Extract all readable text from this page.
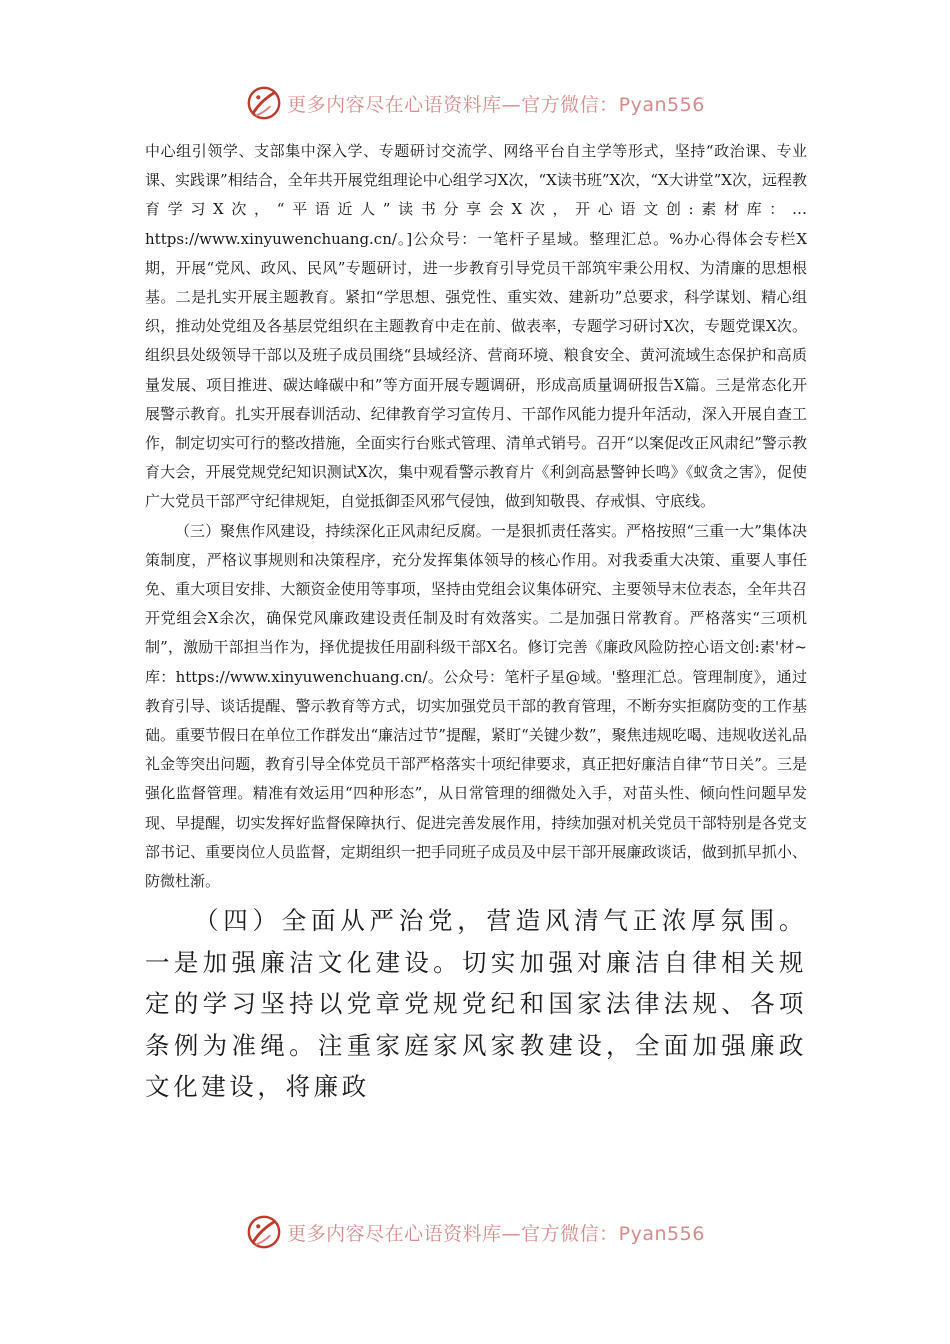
更多内容尽在心语资料库—官方微信：Pyan556

中心组引领学、支部集中深入学、专题研讨交流学、网络平台自主学等形式，坚持“政治课、专业课、实践课”相结合，全年共开展党组理论中心组学习X次，“X读书班”X次，“X大讲堂”X次，远程教育学习X次，“平语近人”读书分享会X次，开心语文创:素材库：…https://www.xinyuwenchuang.cn/。]公众号：一笔杆子星域。整理汇总。%办心得体会专栏X期，开展“党风、政风、民风”专题研讨，进一步教育引导党员干部筑牢秉公用权、为清廉的思想根基。二是扎实开展主题教育。紧扣“学思想、强党性、重实效、建新功”总要求，科学谋划、精心组织，推动处党组及各基层党组织在主题教育中走在前、做表率，专题学习研讨X次，专题党课X次。组织县处级领导干部以及班子成员围绕“县域经济、营商环境、粮食安全、黄河流域生态保护和高质量发展、项目推进、碳达峰碳中和”等方面开展专题调研，形成高质量调研报告X篇。三是常态化开展警示教育。扎实开展春训活动、纪律教育学习宣传月、干部作风能力提升年活动，深入开展自查工作，制定切实可行的整改措施，全面实行台账式管理、清单式销号。召开“以案促改正风肃纪”警示教育大会，开展党规党纪知识测试X次，集中观看警示教育片《利剑高悬警钟长鸣》《蚁贪之害》，促使广大党员干部严守纪律规矩，自觉抵御歪风邪气侵蚀，做到知敬畏、存戒惧、守底线。

（三）聚焦作风建设，持续深化正风肃纪反腐。一是狠抓责任落实。严格按照“三重一大”集体决策制度，严格议事规则和决策程序，充分发挥集体领导的核心作用。对我委重大决策、重要人事任免、重大项目安排、大额资金使用等事项，坚持由党组会议集体研究、主要领导末位表态，全年共召开党组会X余次，确保党风廉政建设责任制及时有效落实。二是加强日常教育。严格落实“三项机制”，激励干部担当作为，择优提拔任用副科级干部X名。修订完善《廉政风险防控心语文创:素'材~库：https://www.xinyuwenchuang.cn/。公众号：笔杆子星@域。'整理汇总。管理制度》，通过教育引导、谈话提醒、警示教育等方式，切实加强党员干部的教育管理，不断夯实拒腐防变的工作基础。重要节假日在单位工作群发出“廉洁过节”提醒，紧盯“关键少数”，聚焦违规吃喝、违规收送礼品礼金等突出问题，教育引导全体党员干部严格落实十项纪律要求，真正把好廉洁自律“节日关”。三是强化监督管理。精准有效运用“四种形态”，从日常管理的细微处入手，对苗头性、倾向性问题早发现、早提醒，切实发挥好监督保障执行、促进完善发展作用，持续加强对机关党员干部特别是各党支部书记、重要岗位人员监督，定期组织一把手同班子成员及中层干部开展廉政谈话，做到抓早抓小、防微杜渐。

（四）全面从严治党，营造风清气正浓厚氛围。一是加强廉洁文化建设。切实加强对廉洁自律相关规定的学习坚持以党章党规党纪和国家法律法规、各项条例为准绳。注重家庭家风家教建设，全面加强廉政文化建设，将廉政

更多内容尽在心语资料库—官方微信：Pyan556
